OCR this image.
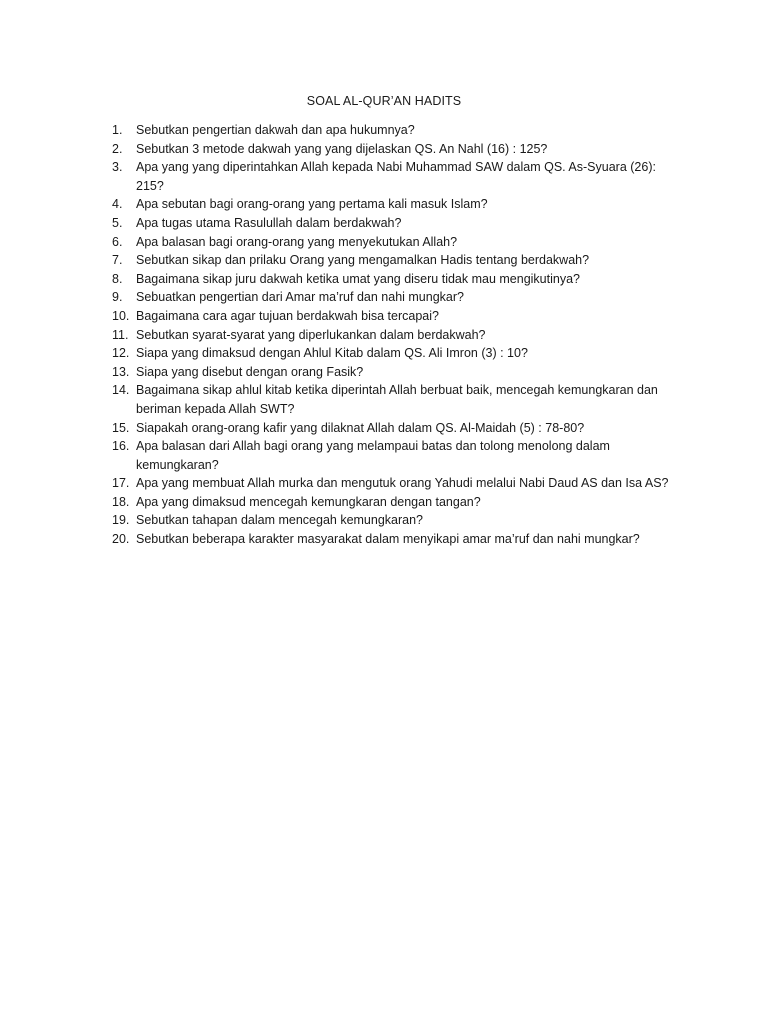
SOAL AL-QUR’AN HADITS
1.	Sebutkan pengertian dakwah dan apa hukumnya?
2.	Sebutkan 3 metode dakwah yang yang dijelaskan QS. An Nahl (16) : 125?
3.	Apa yang yang diperintahkan Allah kepada Nabi Muhammad SAW dalam QS. As-Syuara (26): 215?
4.	Apa sebutan bagi orang-orang yang pertama kali masuk Islam?
5.	Apa tugas utama Rasulullah dalam berdakwah?
6.	Apa balasan bagi orang-orang yang menyekutukan Allah?
7.	Sebutkan sikap dan prilaku Orang yang mengamalkan Hadis tentang berdakwah?
8.	Bagaimana sikap juru dakwah ketika umat yang diseru tidak mau mengikutinya?
9.	Sebuatkan pengertian dari Amar ma’ruf dan nahi mungkar?
10. Bagaimana cara agar tujuan berdakwah bisa tercapai?
11. Sebutkan syarat-syarat yang diperlukankan dalam berdakwah?
12. Siapa yang dimaksud dengan Ahlul Kitab dalam QS. Ali Imron (3) : 10?
13. Siapa yang disebut dengan orang Fasik?
14. Bagaimana sikap ahlul kitab ketika diperintah Allah berbuat baik, mencegah kemungkaran dan beriman kepada Allah SWT?
15. Siapakah orang-orang kafir yang dilaknat Allah dalam QS. Al-Maidah (5) : 78-80?
16. Apa balasan dari Allah bagi orang yang melampaui batas dan tolong menolong dalam kemungkaran?
17. Apa yang membuat Allah murka dan mengutuk orang Yahudi melalui Nabi Daud AS dan Isa AS?
18. Apa yang dimaksud mencegah kemungkaran dengan tangan?
19. Sebutkan tahapan dalam mencegah kemungkaran?
20. Sebutkan beberapa karakter masyarakat dalam menyikapi amar ma’ruf dan nahi mungkar?
